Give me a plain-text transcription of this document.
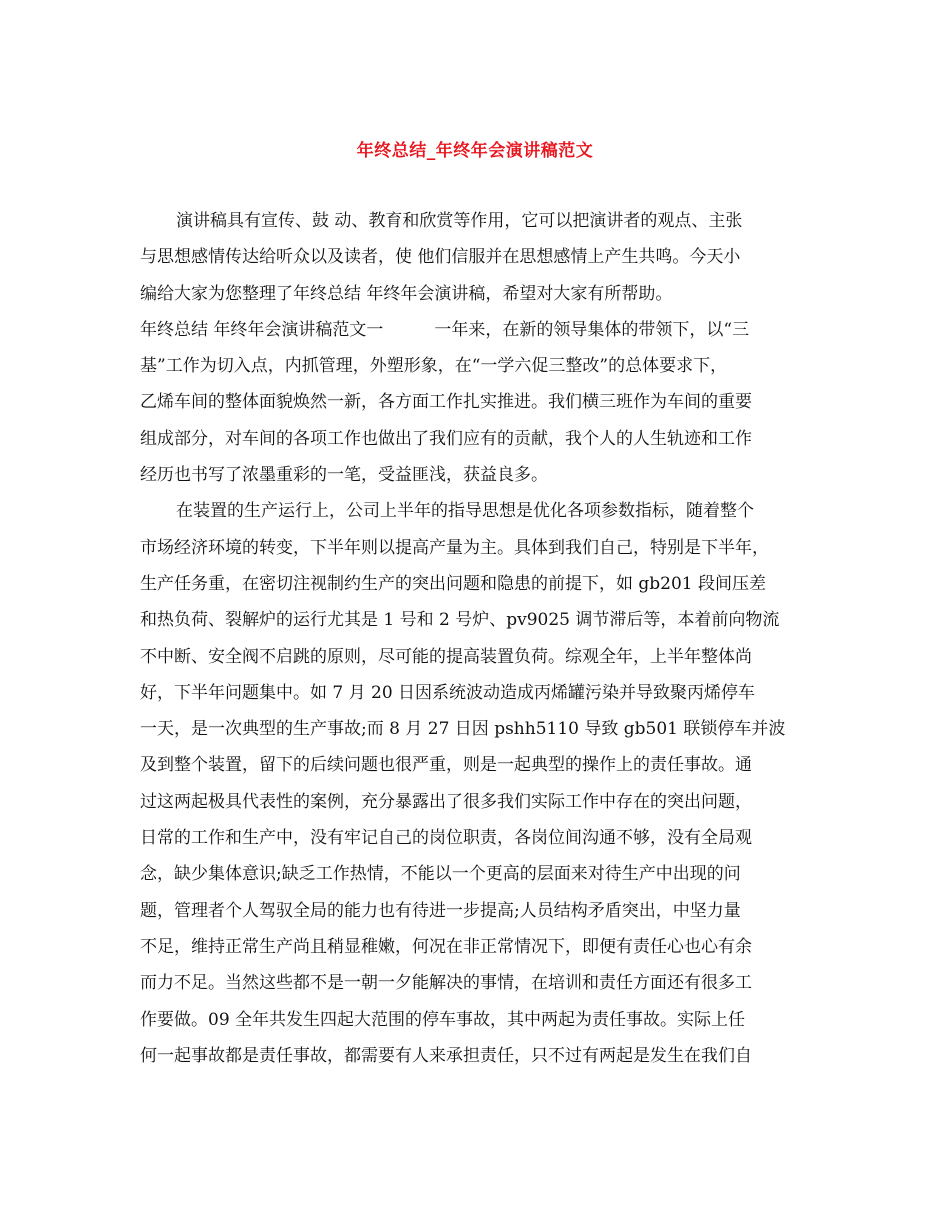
年终总结_年终年会演讲稿范文
演讲稿具有宣传、鼓 动、教育和欣赏等作用，它可以把演讲者的观点、主张
与思想感情传达给听众以及读者，使 他们信服并在思想感情上产生共鸣。今天小
编给大家为您整理了年终总结 年终年会演讲稿，希望对大家有所帮助。
年终总结 年终年会演讲稿范文一　　　一年来，在新的领导集体的带领下，以“三
基”工作为切入点，内抓管理，外塑形象，在“一学六促三整改”的总体要求下，
乙烯车间的整体面貌焕然一新，各方面工作扎实推进。我们横三班作为车间的重要
组成部分，对车间的各项工作也做出了我们应有的贡献，我个人的人生轨迹和工作
经历也书写了浓墨重彩的一笔，受益匪浅，获益良多。
在装置的生产运行上，公司上半年的指导思想是优化各项参数指标，随着整个
市场经济环境的转变，下半年则以提高产量为主。具体到我们自己，特别是下半年，
生产任务重，在密切注视制约生产的突出问题和隐患的前提下，如 gb201 段间压差
和热负荷、裂解炉的运行尤其是 1 号和 2 号炉、pv9025 调节滞后等，本着前向物流
不中断、安全阀不启跳的原则，尽可能的提高装置负荷。综观全年，上半年整体尚
好，下半年问题集中。如 7 月 20 日因系统波动造成丙烯罐污染并导致聚丙烯停车
一天，是一次典型的生产事故;而 8 月 27 日因 pshh5110 导致 gb501 联锁停车并波
及到整个装置，留下的后续问题也很严重，则是一起典型的操作上的责任事故。通
过这两起极具代表性的案例，充分暴露出了很多我们实际工作中存在的突出问题，
日常的工作和生产中，没有牢记自己的岗位职责，各岗位间沟通不够，没有全局观
念，缺少集体意识;缺乏工作热情，不能以一个更高的层面来对待生产中出现的问
题，管理者个人驾驭全局的能力也有待进一步提高;人员结构矛盾突出，中坚力量
不足，维持正常生产尚且稍显稚嫩，何况在非正常情况下，即便有责任心也心有余
而力不足。当然这些都不是一朝一夕能解决的事情，在培训和责任方面还有很多工
作要做。09 全年共发生四起大范围的停车事故，其中两起为责任事故。实际上任
何一起事故都是责任事故，都需要有人来承担责任，只不过有两起是发生在我们自
